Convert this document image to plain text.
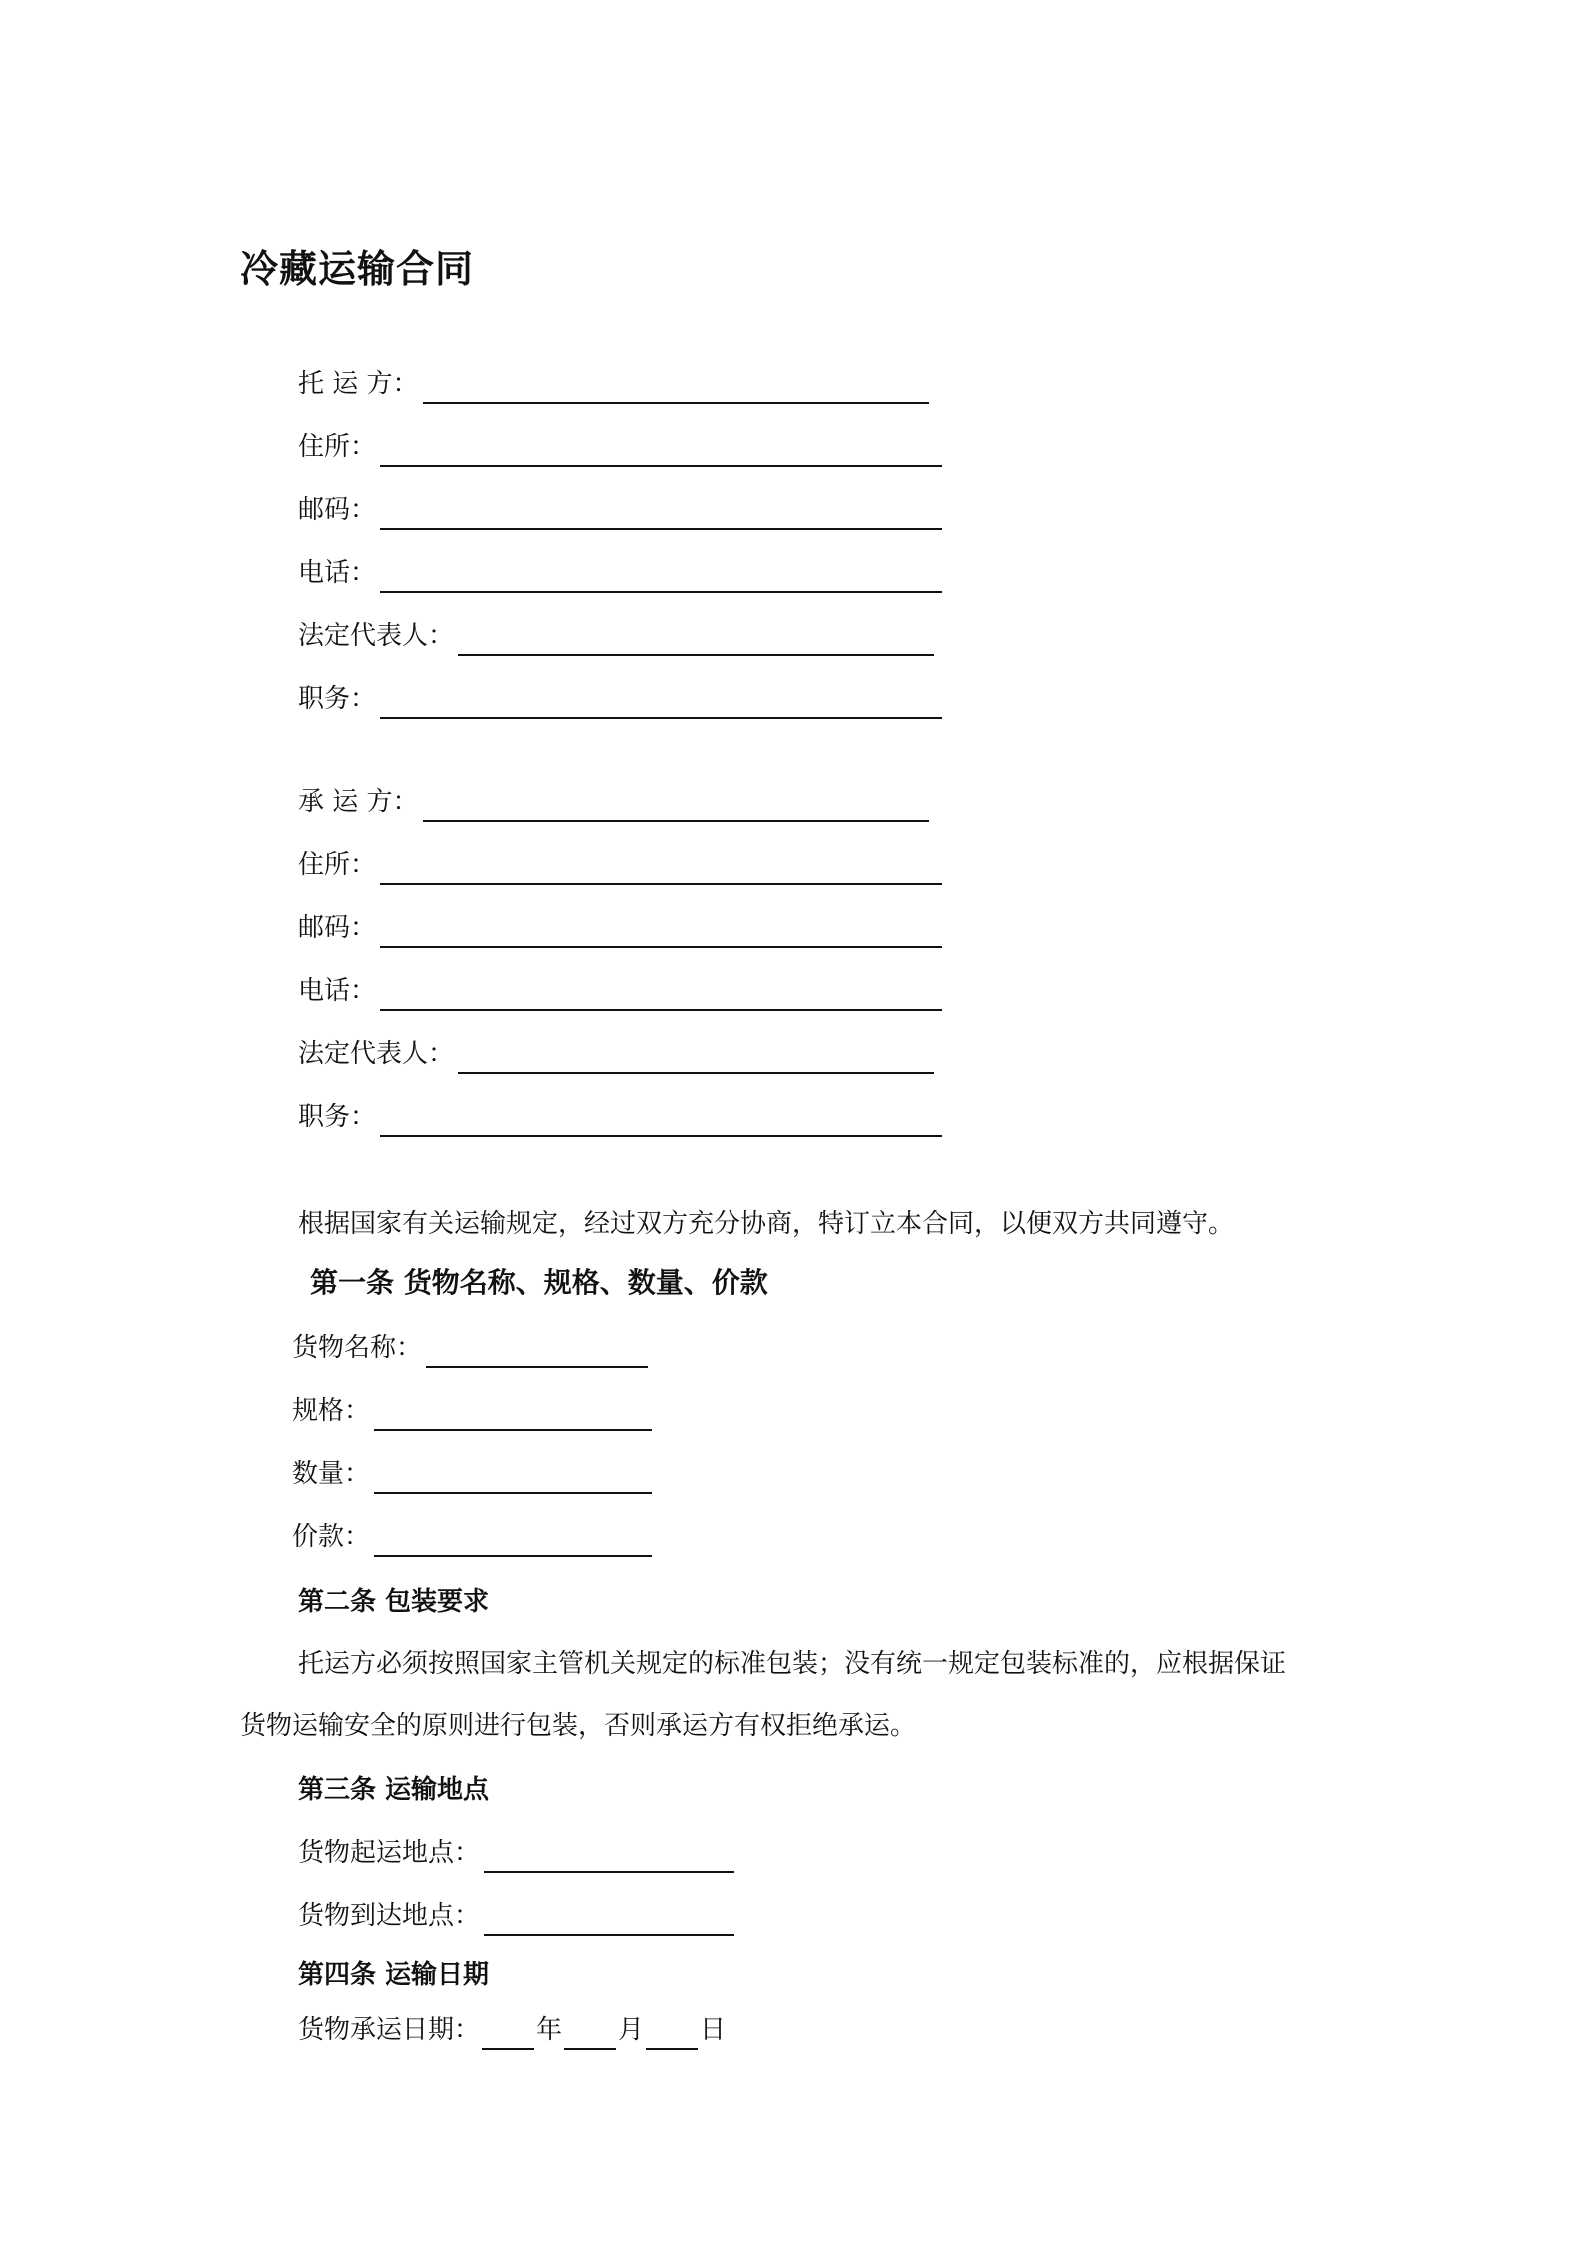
冷藏运输合同
托 运 方：
住所：
邮码：
电话：
法定代表人：
职务：
承 运 方：
住所：
邮码：
电话：
法定代表人：
职务：
根据国家有关运输规定，经过双方充分协商，特订立本合同，以便双方共同遵守。
第一条 货物名称、规格、数量、价款
货物名称：
规格：
数量：
价款：
第二条 包装要求
托运方必须按照国家主管机关规定的标准包装；没有统一规定包装标准的，应根据保证
货物运输安全的原则进行包装，否则承运方有权拒绝承运。
第三条 运输地点
货物起运地点：
货物到达地点：
第四条 运输日期
货物承运日期： 年 月 日
